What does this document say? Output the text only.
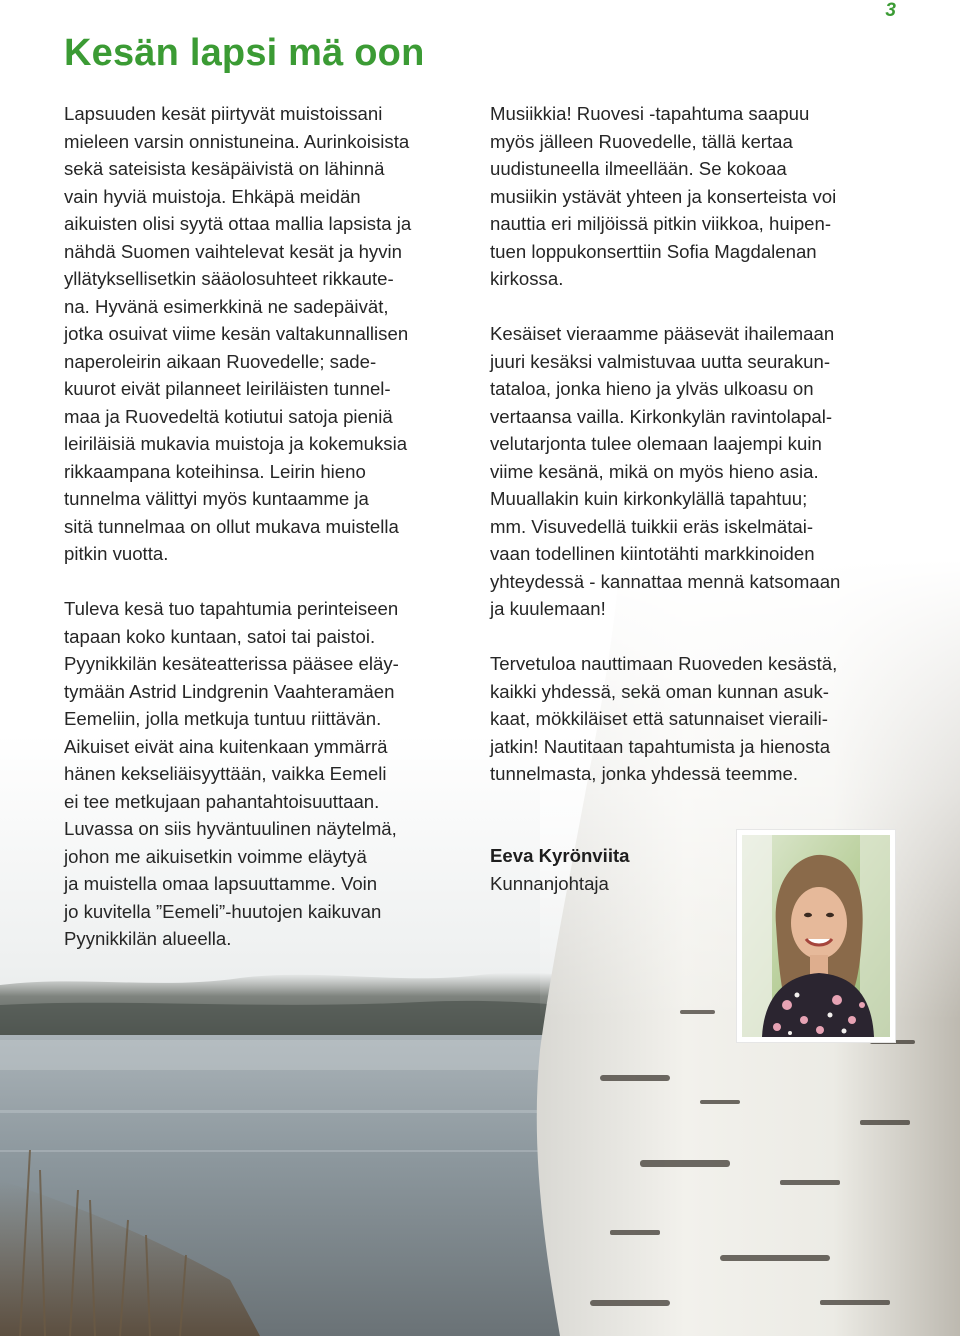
3
Kesän lapsi mä oon

Lapsuuden kesät piirtyvät muistoissani
mieleen varsin onnistuneina. Aurinkoisista
sekä sateisista kesäpäivistä on lähinnä
vain hyviä muistoja. Ehkäpä meidän
aikuisten olisi syytä ottaa mallia lapsista ja
nähdä Suomen vaihtelevat kesät ja hyvin
yllätyksellisetkin sääolosuhteet rikkaute-
na. Hyvänä esimerkkinä ne sadepäivät,
jotka osuivat viime kesän valtakunnallisen
naperoleirin aikaan Ruovedelle; sade-
kuurot eivät pilanneet leiriläisten tunnel-
maa ja Ruovedeltä kotiutui satoja pieniä
leiriläisiä mukavia muistoja ja kokemuksia
rikkaampana koteihinsa. Leirin hieno
tunnelma välittyi myös kuntaamme ja
sitä tunnelmaa on ollut mukava muistella
pitkin vuotta.

Tuleva kesä tuo tapahtumia perinteiseen
tapaan koko kuntaan, satoi tai paistoi.
Pyynikkilän kesäteatterissa pääsee eläy-
tymään Astrid Lindgrenin Vaahteramäen
Eemeliin, jolla metkuja tuntuu riittävän.
Aikuiset eivät aina kuitenkaan ymmärrä
hänen kekseliäisyyttään, vaikka Eemeli
ei tee metkujaan pahantahtoisuuttaan.
Luvassa on siis hyväntuulinen näytelmä,
johon me aikuisetkin voimme eläytyä
ja muistella omaa lapsuuttamme. Voin
jo kuvitella ”Eemeli”-huutojen kaikuvan
Pyynikkilän alueella.

Musiikkia! Ruovesi -tapahtuma saapuu
myös jälleen Ruovedelle, tällä kertaa
uudistuneella ilmeellään. Se kokoaa
musiikin ystävät yhteen ja konserteista voi
nauttia eri miljöissä pitkin viikkoa, huipen-
tuen loppukonserttiin Sofia Magdalenan
kirkossa.

Kesäiset vieraamme pääsevät ihailemaan
juuri kesäksi valmistuvaa uutta seurakun-
tataloa, jonka hieno ja ylväs ulkoasu on
vertaansa vailla. Kirkonkylän ravintolapal-
velutarjonta tulee olemaan laajempi kuin
viime kesänä, mikä on myös hieno asia.
Muuallakin kuin kirkonkylällä tapahtuu;
mm. Visuvedellä tuikkii eräs iskelmätai-
vaan todellinen kiintotähti markkinoiden
yhteydessä - kannattaa mennä katsomaan
ja kuulemaan!

Tervetuloa nauttimaan Ruoveden kesästä,
kaikki yhdessä, sekä oman kunnan asuk-
kaat, mökkiläiset että satunnaiset vieraili-
jatkin! Nautitaan tapahtumista ja hienosta
tunnelmasta, jonka yhdessä teemme.

Eeva Kyrönviita
Kunnanjohtaja
